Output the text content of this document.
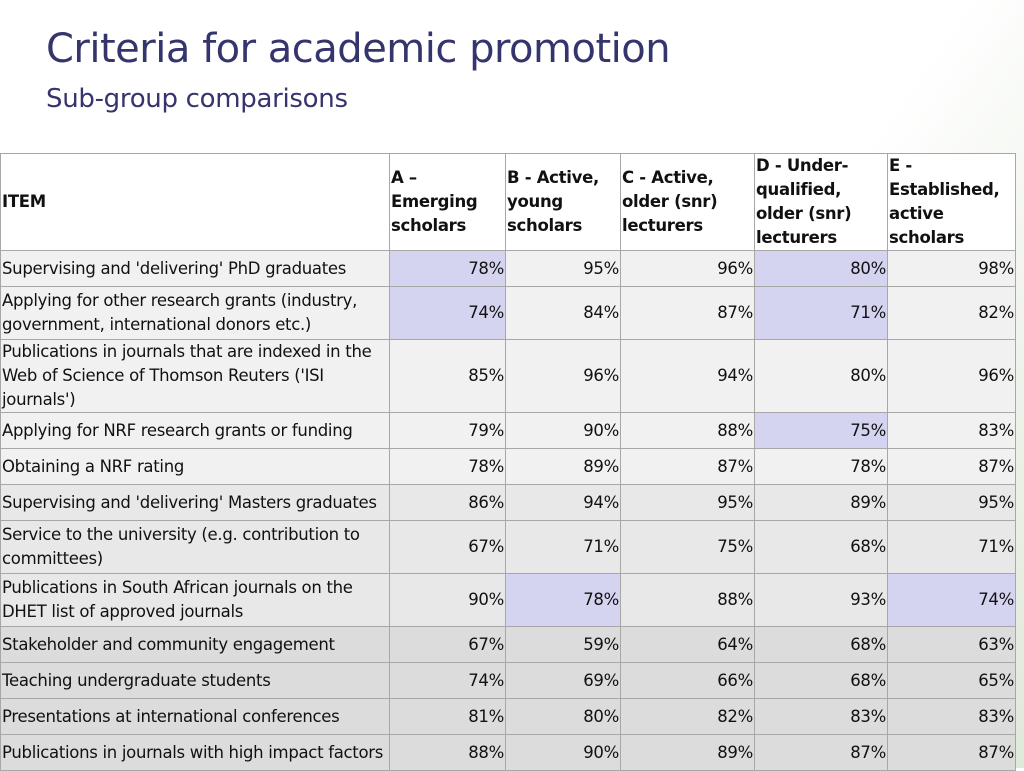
Criteria for academic promotion
Sub-group comparisons
ITEM	A – Emerging scholars	B - Active, young scholars	C - Active, older (snr) lecturers	D - Under-qualified, older (snr) lecturers	E - Established, active scholars
Supervising and 'delivering' PhD graduates	78%	95%	96%	80%	98%
Applying for other research grants (industry, government, international donors etc.)	74%	84%	87%	71%	82%
Publications in journals that are indexed in the Web of Science of Thomson Reuters ('ISI journals')	85%	96%	94%	80%	96%
Applying for NRF research grants or funding	79%	90%	88%	75%	83%
Obtaining a NRF rating	78%	89%	87%	78%	87%
Supervising and 'delivering' Masters graduates	86%	94%	95%	89%	95%
Service to the university (e.g. contribution to committees)	67%	71%	75%	68%	71%
Publications in South African journals on the DHET list of approved journals	90%	78%	88%	93%	74%
Stakeholder and community engagement	67%	59%	64%	68%	63%
Teaching undergraduate students	74%	69%	66%	68%	65%
Presentations at international conferences	81%	80%	82%	83%	83%
Publications in journals with high impact factors	88%	90%	89%	87%	87%
